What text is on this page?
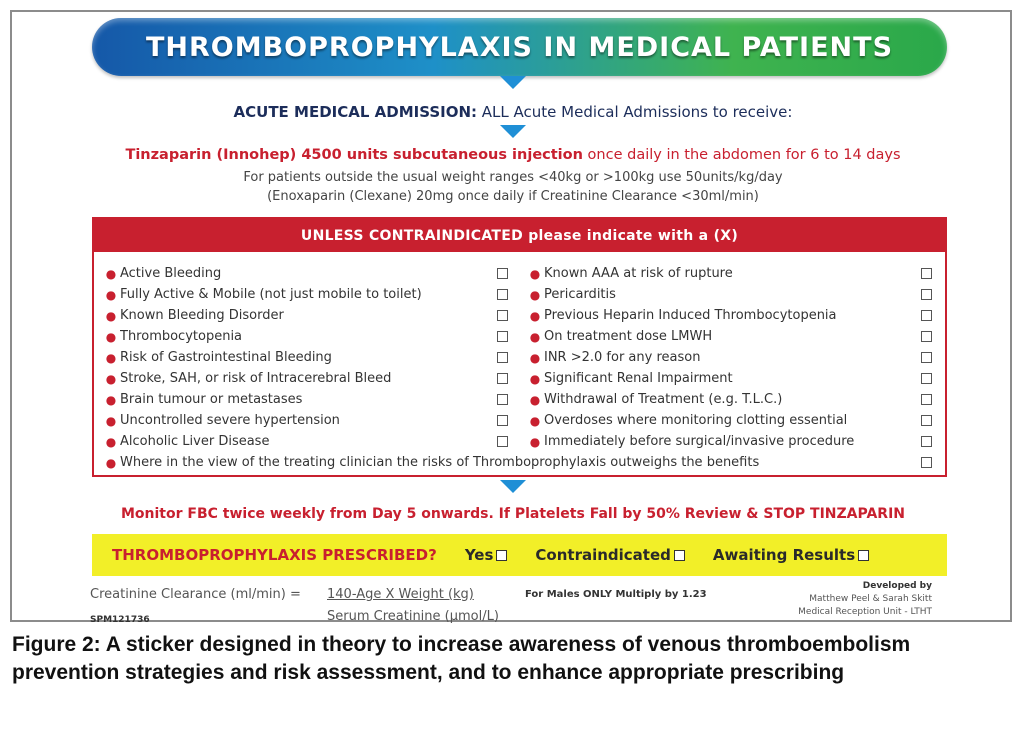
THROMBOPROPHYLAXIS IN MEDICAL PATIENTS
ACUTE MEDICAL ADMISSION: ALL Acute Medical Admissions to receive:
Tinzaparin (Innohep) 4500 units subcutaneous injection once daily in the abdomen for 6 to 14 days
For patients outside the usual weight ranges <40kg or >100kg use 50units/kg/day
(Enoxaparin (Clexane) 20mg once daily if Creatinine Clearance <30ml/min)
UNLESS CONTRAINDICATED please indicate with a (X)
● Active Bleeding
● Fully Active & Mobile (not just mobile to toilet)
● Known Bleeding Disorder
● Thrombocytopenia
● Risk of Gastrointestinal Bleeding
● Stroke, SAH, or risk of Intracerebral Bleed
● Brain tumour or metastases
● Uncontrolled severe hypertension
● Alcoholic Liver Disease
● Known AAA at risk of rupture
● Pericarditis
● Previous Heparin Induced Thrombocytopenia
● On treatment dose LMWH
● INR >2.0 for any reason
● Significant Renal Impairment
● Withdrawal of Treatment (e.g. T.L.C.)
● Overdoses where monitoring clotting essential
● Immediately before surgical/invasive procedure
● Where in the view of the treating clinician the risks of Thromboprophylaxis outweighs the benefits
Monitor FBC twice weekly from Day 5 onwards. If Platelets Fall by 50% Review & STOP TINZAPARIN
THROMBOPROPHYLAXIS PRESCRIBED? Yes	Contraindicated	Awaiting Results
Creatinine Clearance (ml/min) = 140-Age X Weight (kg)
Serum Creatinine (µmol/L)
For Males ONLY Multiply by 1.23
SPM121736
Developed by
Matthew Peel & Sarah Skitt
Medical Reception Unit - LTHT
Figure 2: A sticker designed in theory to increase awareness of venous thromboembolism prevention strategies and risk assessment, and to enhance appropriate prescribing
